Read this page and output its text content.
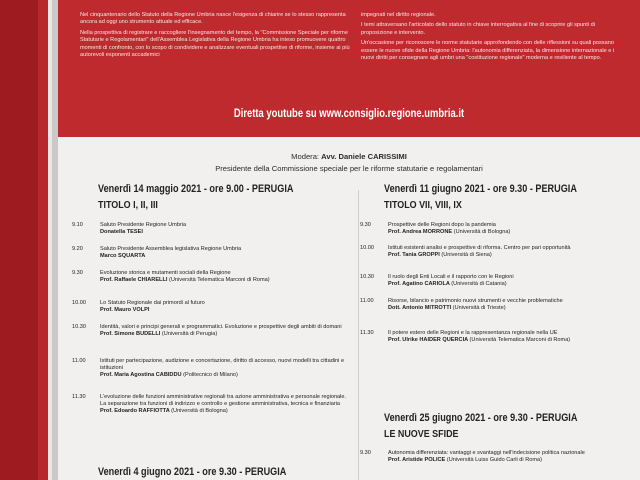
Nel cinquantenario dello Statuto della Regione Umbria nasce l'esigenza di chiarire se lo stesso rappresenta ancora ad oggi uno strumento attuale ed efficace.

Nella prospettiva di registrare e raccogliere l'insegnamento del tempo, la "Commissione Speciale per riforme Statutarie e Regolamentari" dell'Assemblea Legislativa della Regione Umbria ha inteso promuovere quattro momenti di confronto, con lo scopo di condividere e analizzare eventuali prospettive di riforme, insieme ai più autorevoli esponenti accademici

impegnati nel diritto regionale.

I temi attraversano l'articolato dello statuto in chiave interrogativa al fine di scoprire gli spunti di proposizione e intervento.

Un'occasione per riconoscere le norme statutarie approfondendo con delle riflessioni su quali possano essere le nuove sfide della Regione Umbria: l'autonomia differenziata, la dimensione internazionale e i nuovi diritti per consegnare agli umbri una "costituzione regionale" moderna e resiliente al tempo.

Diretta youtube su www.consiglio.regione.umbria.it
Modera: Avv. Daniele CARISSIMI
Presidente della Commissione speciale per le riforme statutarie e regolamentari
Venerdì 14 maggio 2021 - ore 9.00 - PERUGIA
TITOLO I, II, III
9.10	Saluto Presidente Regione Umbria
Donatella TESEI
9.20	Saluto Presidente Assemblea legislativa Regione Umbria
Marco SQUARTA
9.30	Evoluzione storica e mutamenti sociali della Regione
Prof. Raffaele CHIARELLI (Università Telematica Marconi di Roma)
10.00	Lo Statuto Regionale dai primordi al futuro
Prof. Mauro VOLPI
10.30	Identità, valori e principi generali e programmatici. Evoluzione e prospettive degli ambiti di domani
Prof. Simone BUDELLI (Università di Perugia)
11.00	Istituti per partecipazione, audizione e concertazione, diritto di accesso, nuovi modelli tra cittadini e istituzioni
Prof. Maria Agostina CABIDDU (Politecnico di Milano)
11.30	L'evoluzione delle funzioni amministrative regionali tra azione amministrativa e personale regionale. La separazione tra funzioni di indirizzo e controllo e gestione amministrativa, tecnica e finanziaria
Prof. Edoardo RAFFIOTTA (Università di Bologna)
Venerdì 4 giugno 2021 - ore 9.30 - PERUGIA
Venerdì 11 giugno 2021 - ore 9.30 - PERUGIA
TITOLO VII, VIII, IX
9.30	Prospettive delle Regioni dopo la pandemia
Prof. Andrea MORRONE (Università di Bologna)
10.00	Istituti esistenti analisi e prospettive di riforma. Centro per pari opportunità
Prof. Tania GROPPI (Università di Siena)
10.30	Il ruolo degli Enti Locali e il rapporto con le Regioni
Prof. Agatino CARIOLA (Università di Catania)
11.00	Risorse, bilancio e patrimonio nuovi strumenti e vecchie problematiche
Dott. Antonio MITROTTI (Università di Trieste)
11.30	Il potere estero delle Regioni e la rappresentanza regionale nella UE
Prof. Ulrike HAIDER QUERCIA (Università Telematica Marconi di Roma)
Venerdì 25 giugno 2021 - ore 9.30 - PERUGIA
LE NUOVE SFIDE
9.30	Autonomia differenziata: vantaggi e svantaggi nell'indecisione politica nazionale
Prof. Aristide POLICE (Università Luiss Guido Carli di Roma)
